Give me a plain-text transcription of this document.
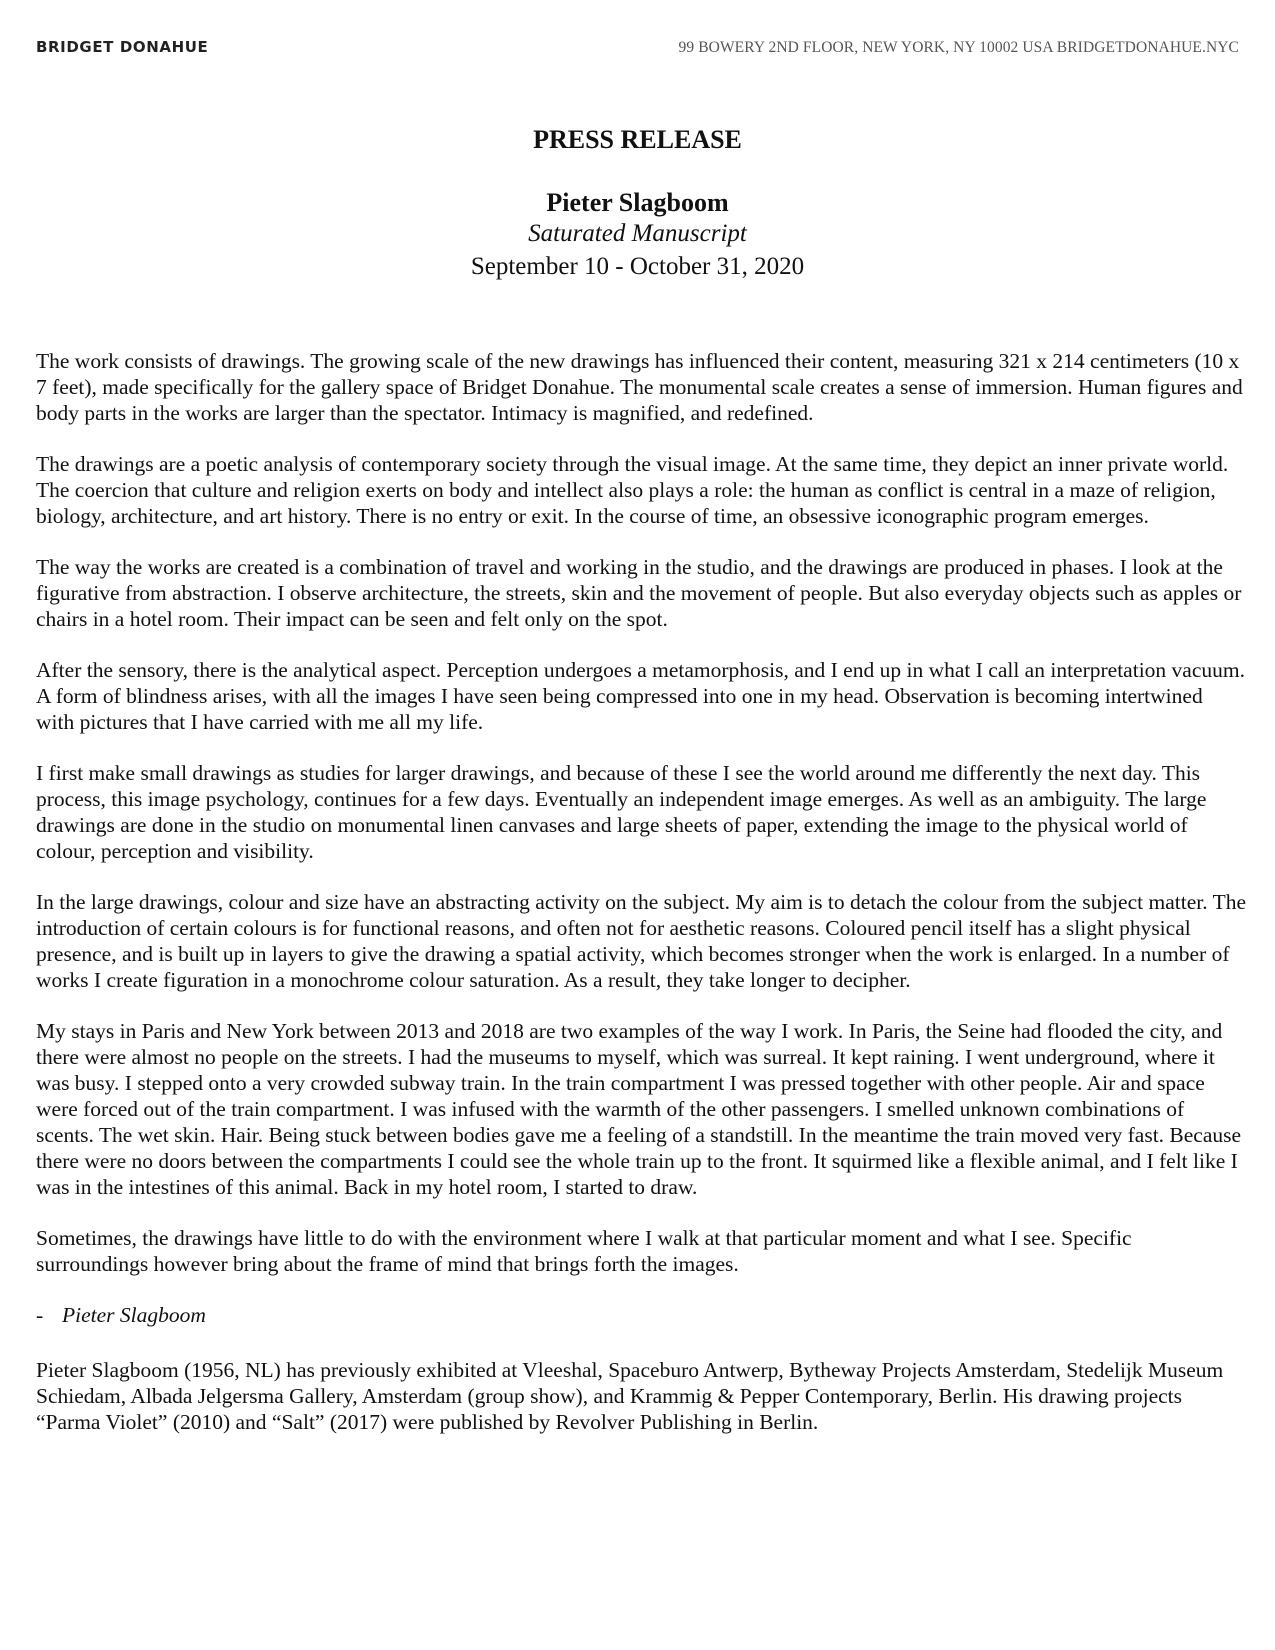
BRIDGET DONAHUE	99 BOWERY 2ND FLOOR, NEW YORK, NY 10002 USA BRIDGETDONAHUE.NYC

PRESS RELEASE

Pieter Slagboom

Saturated Manuscript

September 10 - October 31, 2020

The work consists of drawings. The growing scale of the new drawings has influenced their content, measuring 321 x 214 centimeters (10 x 7 feet), made specifically for the gallery space of Bridget Donahue. The monumental scale creates a sense of immersion. Human figures and body parts in the works are larger than the spectator. Intimacy is magnified, and redefined.

The drawings are a poetic analysis of contemporary society through the visual image. At the same time, they depict an inner private world. The coercion that culture and religion exerts on body and intellect also plays a role: the human as conflict is central in a maze of religion, biology, architecture, and art history. There is no entry or exit. In the course of time, an obsessive iconographic program emerges.

The way the works are created is a combination of travel and working in the studio, and the drawings are produced in phases. I look at the figurative from abstraction. I observe architecture, the streets, skin and the movement of people. But also everyday objects such as apples or chairs in a hotel room. Their impact can be seen and felt only on the spot.

After the sensory, there is the analytical aspect. Perception undergoes a metamorphosis, and I end up in what I call an interpretation vacuum. A form of blindness arises, with all the images I have seen being compressed into one in my head. Observation is becoming intertwined with pictures that I have carried with me all my life.

I first make small drawings as studies for larger drawings, and because of these I see the world around me differently the next day. This process, this image psychology, continues for a few days. Eventually an independent image emerges. As well as an ambiguity. The large drawings are done in the studio on monumental linen canvases and large sheets of paper, extending the image to the physical world of colour, perception and visibility.

In the large drawings, colour and size have an abstracting activity on the subject. My aim is to detach the colour from the subject matter. The introduction of certain colours is for functional reasons, and often not for aesthetic reasons. Coloured pencil itself has a slight physical presence, and is built up in layers to give the drawing a spatial activity, which becomes stronger when the work is enlarged. In a number of works I create figuration in a monochrome colour saturation. As a result, they take longer to decipher.

My stays in Paris and New York between 2013 and 2018 are two examples of the way I work. In Paris, the Seine had flooded the city, and there were almost no people on the streets. I had the museums to myself, which was surreal. It kept raining. I went underground, where it was busy. I stepped onto a very crowded subway train. In the train compartment I was pressed together with other people. Air and space were forced out of the train compartment. I was infused with the warmth of the other passengers. I smelled unknown combinations of scents. The wet skin. Hair. Being stuck between bodies gave me a feeling of a standstill. In the meantime the train moved very fast. Because there were no doors between the compartments I could see the whole train up to the front. It squirmed like a flexible animal, and I felt like I was in the intestines of this animal. Back in my hotel room, I started to draw.

Sometimes, the drawings have little to do with the environment where I walk at that particular moment and what I see. Specific surroundings however bring about the frame of mind that brings forth the images.

- Pieter Slagboom

Pieter Slagboom (1956, NL) has previously exhibited at Vleeshal, Spaceburo Antwerp, Bytheway Projects Amsterdam, Stedelijk Museum Schiedam, Albada Jelgersma Gallery, Amsterdam (group show), and Krammig & Pepper Contemporary, Berlin. His drawing projects “Parma Violet” (2010) and “Salt” (2017) were published by Revolver Publishing in Berlin.
